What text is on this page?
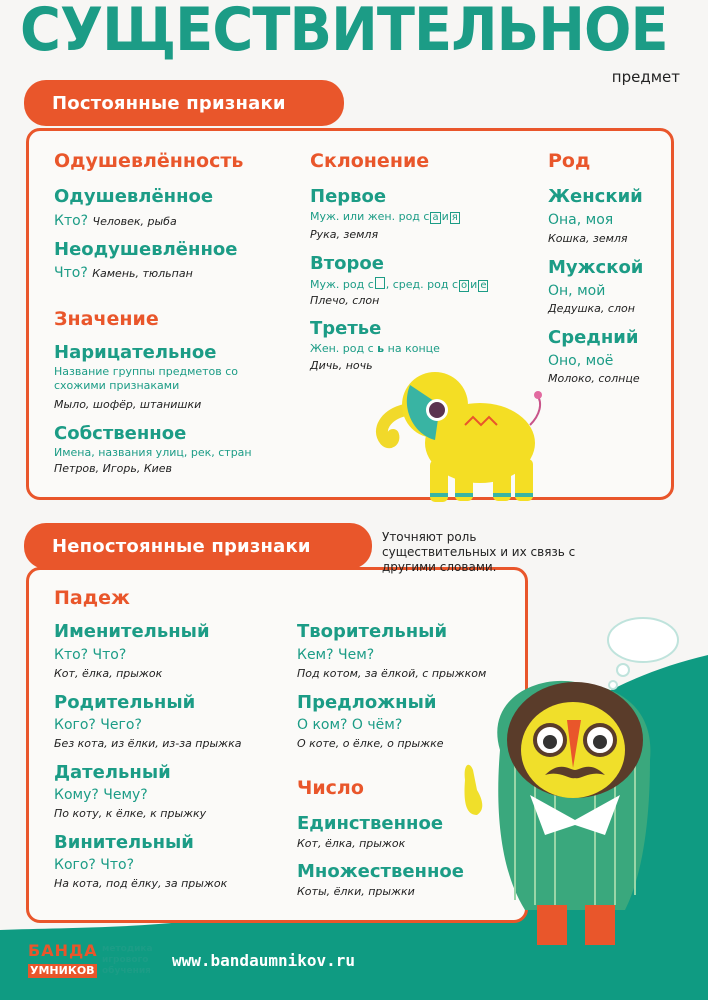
СУЩЕСТВИТЕЛЬНОЕ
предмет
Постоянные признаки
Одушевлённость
Одушевлённое
Кто? Человек, рыба
Неодушевлённое
Что? Камень, тюльпан
Значение
Нарицательное
Название группы предметов со схожими признаками
Мыло, шофёр, штанишки
Собственное
Имена, названия улиц, рек, стран
Петров, Игорь, Киев
Склонение
Первое
Муж. или жен. род с а и я
Рука, земля
Второе
Муж. род с , сред. род с о и е
Плечо, слон
Третье
Жен. род с ь на конце
Дичь, ночь
Род
Женский
Она, моя
Кошка, земля
Мужской
Он, мой
Дедушка, слон
Средний
Оно, моё
Молоко, солнце
Непостоянные признаки	Уточняют роль существительных и их связь с другими словами.
Падеж
Именительный
Кто? Что?
Кот, ёлка, прыжок
Родительный
Кого? Чего?
Без кота, из ёлки, из-за прыжка
Дательный
Кому? Чему?
По коту, к ёлке, к прыжку
Винительный
Кого? Что?
На кота, под ёлку, за прыжок
Творительный
Кем? Чем?
Под котом, за ёлкой, с прыжком
Предложный
О ком? О чём?
О коте, о ёлке, о прыжке
Число
Единственное
Кот, ёлка, прыжок
Множественное
Коты, ёлки, прыжки
БАНДА
УМНИКОВ
методика игрового обучения
www.bandaumnikov.ru
